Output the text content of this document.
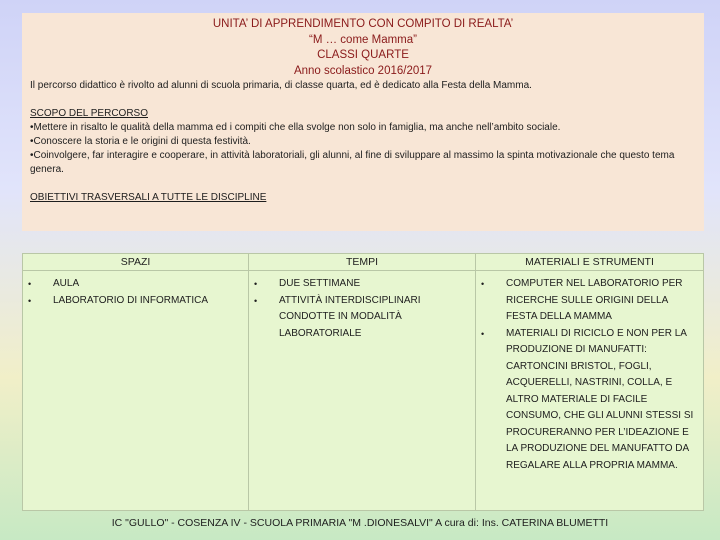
UNITA’ DI APPRENDIMENTO CON COMPITO DI REALTA’
“M … come Mamma”
CLASSI QUARTE
Anno scolastico 2016/2017
Il percorso didattico è rivolto ad alunni di scuola primaria, di classe quarta, ed è dedicato alla Festa della Mamma.
SCOPO DEL PERCORSO
•Mettere in risalto le qualità della mamma ed i compiti che ella svolge non solo in famiglia, ma anche nell’ambito sociale.
•Conoscere la storia e le origini di questa festività.
•Coinvolgere, far interagire e cooperare, in attività laboratoriali, gli alunni, al fine di sviluppare al massimo la spinta motivazionale che questo tema genera.
OBIETTIVI TRASVERSALI A TUTTE LE DISCIPLINE
SPAZI
• AULA
• LABORATORIO DI INFORMATICA
TEMPI
• DUE SETTIMANE
• ATTIVITÀ INTERDISCIPLINARI CONDOTTE IN MODALITÀ LABORATORIALE
MATERIALI E STRUMENTI
• COMPUTER NEL LABORATORIO PER RICERCHE SULLE ORIGINI DELLA FESTA DELLA MAMMA
• MATERIALI DI RICICLO E NON PER LA PRODUZIONE DI MANUFATTI: CARTONCINI BRISTOL, FOGLI, ACQUERELLI, NASTRINI, COLLA, E ALTRO MATERIALE DI FACILE CONSUMO, CHE GLI ALUNNI STESSI SI PROCURERANNO PER L’IDEAZIONE E LA PRODUZIONE DEL MANUFATTO DA REGALARE ALLA PROPRIA MAMMA.
IC "GULLO" - COSENZA IV - SCUOLA PRIMARIA "M .DIONESALVI" A cura di: Ins. CATERINA BLUMETTI
